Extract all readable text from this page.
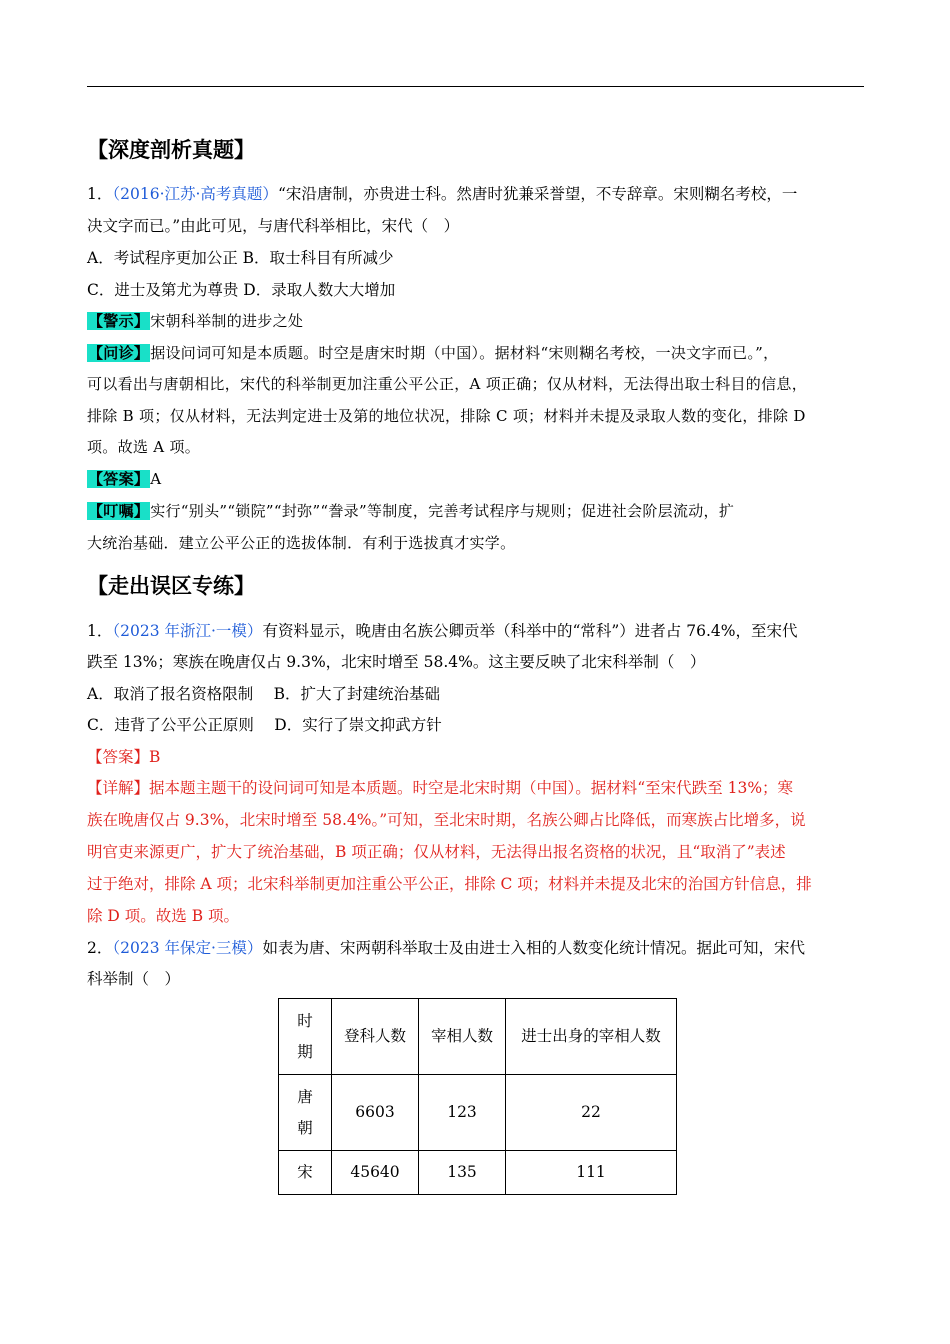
【深度剖析真题】
1．（2016·江苏·高考真题）“宋沿唐制，亦贵进士科。然唐时犹兼采誉望，不专辞章。宋则糊名考校，一
决文字而已。”由此可见，与唐代科举相比，宋代（　）
A．考试程序更加公正 B．取士科目有所减少
C．进士及第尤为尊贵 D．录取人数大大增加
【警示】宋朝科举制的进步之处
【问诊】据设问词可知是本质题。时空是唐宋时期（中国）。据材料“宋则糊名考校，一决文字而已。”，
可以看出与唐朝相比，宋代的科举制更加注重公平公正，A 项正确；仅从材料，无法得出取士科目的信息，
排除 B 项；仅从材料，无法判定进士及第的地位状况，排除 C 项；材料并未提及录取人数的变化，排除 D
项。故选 A 项。
【答案】A
【叮嘱】实行“别头”“锁院”“封弥”“誊录”等制度，完善考试程序与规则；促进社会阶层流动，扩
大统治基础．建立公平公正的选拔体制．有利于选拔真才实学。
【走出误区专练】
1．（2023 年浙江·一模）有资料显示，晚唐由名族公卿贡举（科举中的“常科”）进者占 76.4%，至宋代
跌至 13%；寒族在晚唐仅占 9.3%，北宋时增至 58.4%。这主要反映了北宋科举制（　）
A．取消了报名资格限制　 B．扩大了封建统治基础
C．违背了公平公正原则　 D．实行了崇文抑武方针
【答案】B
【详解】据本题主题干的设问词可知是本质题。时空是北宋时期（中国）。据材料“至宋代跌至 13%；寒
族在晚唐仅占 9.3%，北宋时增至 58.4%。”可知，至北宋时期，名族公卿占比降低，而寒族占比增多，说
明官吏来源更广，扩大了统治基础，B 项正确；仅从材料，无法得出报名资格的状况，且“取消了”表述
过于绝对，排除 A 项；北宋科举制更加注重公平公正，排除 C 项；材料并未提及北宋的治国方针信息，排
除 D 项。故选 B 项。
2．（2023 年保定·三模）如表为唐、宋两朝科举取士及由进士入相的人数变化统计情况。据此可知，宋代
科举制（　）
时
期	登科人数	宰相人数	进士出身的宰相人数
唐
朝	6603	123	22
宋	45640	135	111
